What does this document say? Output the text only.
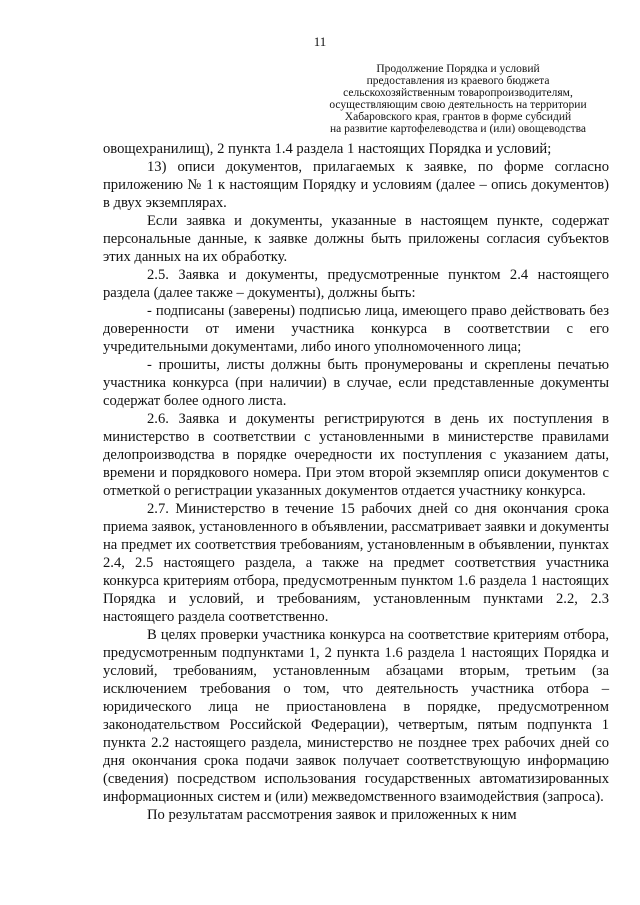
11
Продолжение Порядка и условий
предоставления из краевого бюджета
сельскохозяйственным товаропроизводителям,
осуществляющим свою деятельность на территории
Хабаровского края, грантов в форме субсидий
на развитие картофелеводства и (или) овощеводства

овощехранилищ), 2 пункта 1.4 раздела 1 настоящих Порядка и условий;

13) описи документов, прилагаемых к заявке, по форме согласно приложению № 1 к настоящим Порядку и условиям (далее – опись документов) в двух экземплярах.

Если заявка и документы, указанные в настоящем пункте, содержат персональные данные, к заявке должны быть приложены согласия субъектов этих данных на их обработку.

2.5. Заявка и документы, предусмотренные пунктом 2.4 настоящего раздела (далее также – документы), должны быть:

- подписаны (заверены) подписью лица, имеющего право действовать без доверенности от имени участника конкурса в соответствии с его учредительными документами, либо иного уполномоченного лица;

- прошиты, листы должны быть пронумерованы и скреплены печатью участника конкурса (при наличии) в случае, если представленные документы содержат более одного листа.

2.6. Заявка и документы регистрируются в день их поступления в министерство в соответствии с установленными в министерстве правилами делопроизводства в порядке очередности их поступления с указанием даты, времени и порядкового номера. При этом второй экземпляр описи документов с отметкой о регистрации указанных документов отдается участнику конкурса.

2.7. Министерство в течение 15 рабочих дней со дня окончания срока приема заявок, установленного в объявлении, рассматривает заявки и документы на предмет их соответствия требованиям, установленным в объявлении, пунктах 2.4, 2.5 настоящего раздела, а также на предмет соответствия участника конкурса критериям отбора, предусмотренным пунктом 1.6 раздела 1 настоящих Порядка и условий, и требованиям, установленным пунктами 2.2, 2.3 настоящего раздела соответственно.

В целях проверки участника конкурса на соответствие критериям отбора, предусмотренным подпунктами 1, 2 пункта 1.6 раздела 1 настоящих Порядка и условий, требованиям, установленным абзацами вторым, третьим (за исключением требования о том, что деятельность участника отбора – юридического лица не приостановлена в порядке, предусмотренном законодательством Российской Федерации), четвертым, пятым подпункта 1 пункта 2.2 настоящего раздела, министерство не позднее трех рабочих дней со дня окончания срока подачи заявок получает соответствующую информацию (сведения) посредством использования государственных автоматизированных информационных систем и (или) межведомственного взаимодействия (запроса).

По результатам рассмотрения заявок и приложенных к ним
